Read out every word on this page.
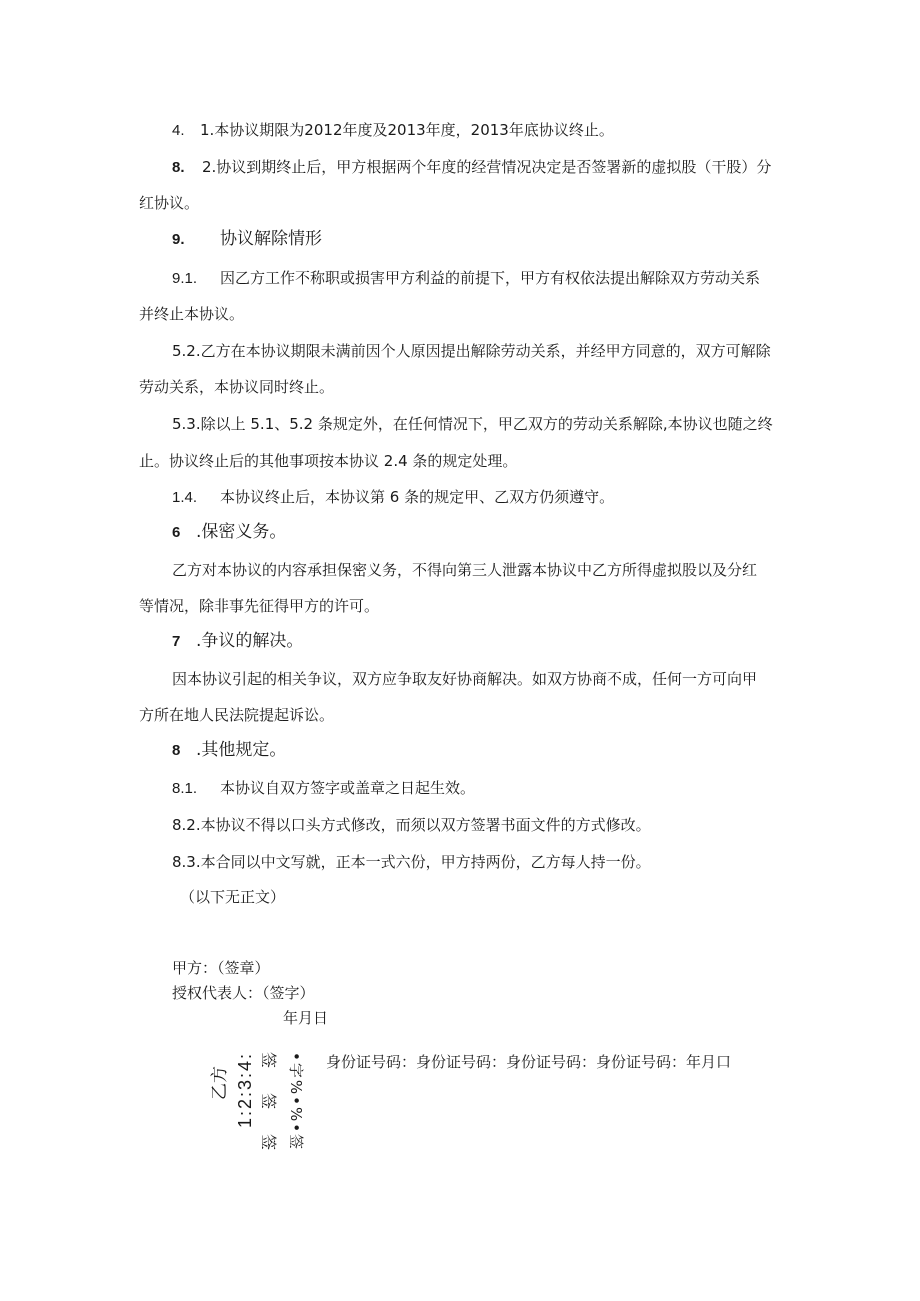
4. 1.本协议期限为2012年度及2013年度，2013年底协议终止。
8. 2.协议到期终止后，甲方根据两个年度的经营情况决定是否签署新的虚拟股（干股）分
红协议。
9. 协议解除情形
9.1. 因乙方工作不称职或损害甲方利益的前提下，甲方有权依法提出解除双方劳动关系
并终止本协议。
5.2.乙方在本协议期限未满前因个人原因提出解除劳动关系，并经甲方同意的，双方可解除
劳动关系，本协议同时终止。
5.3.除以上 5.1、5.2 条规定外，在任何情况下，甲乙双方的劳动关系解除,本协议也随之终
止。协议终止后的其他事项按本协议 2.4 条的规定处理。
1.4. 本协议终止后，本协议第 6 条的规定甲、乙双方仍须遵守。
6 .保密义务。
乙方对本协议的内容承担保密义务，不得向第三人泄露本协议中乙方所得虚拟股以及分红
等情况，除非事先征得甲方的许可。
7 .争议的解决。
因本协议引起的相关争议，双方应争取友好协商解决。如双方协商不成，任何一方可向甲
方所在地人民法院提起诉讼。
8 .其他规定。
8.1. 本协议自双方签字或盖章之日起生效。
8.2.本协议不得以口头方式修改，而须以双方签署书面文件的方式修改。
8.3.本合同以中文写就，正本一式六份，甲方持两份，乙方每人持一份。
（以下无正文）
甲方：（签章）
授权代表人：（签字）
年月日
乙方 1:2:3:4: 签 签 签 •字%•%•签 身份证号码：身份证号码：身份证号码：身份证号码：年月口
